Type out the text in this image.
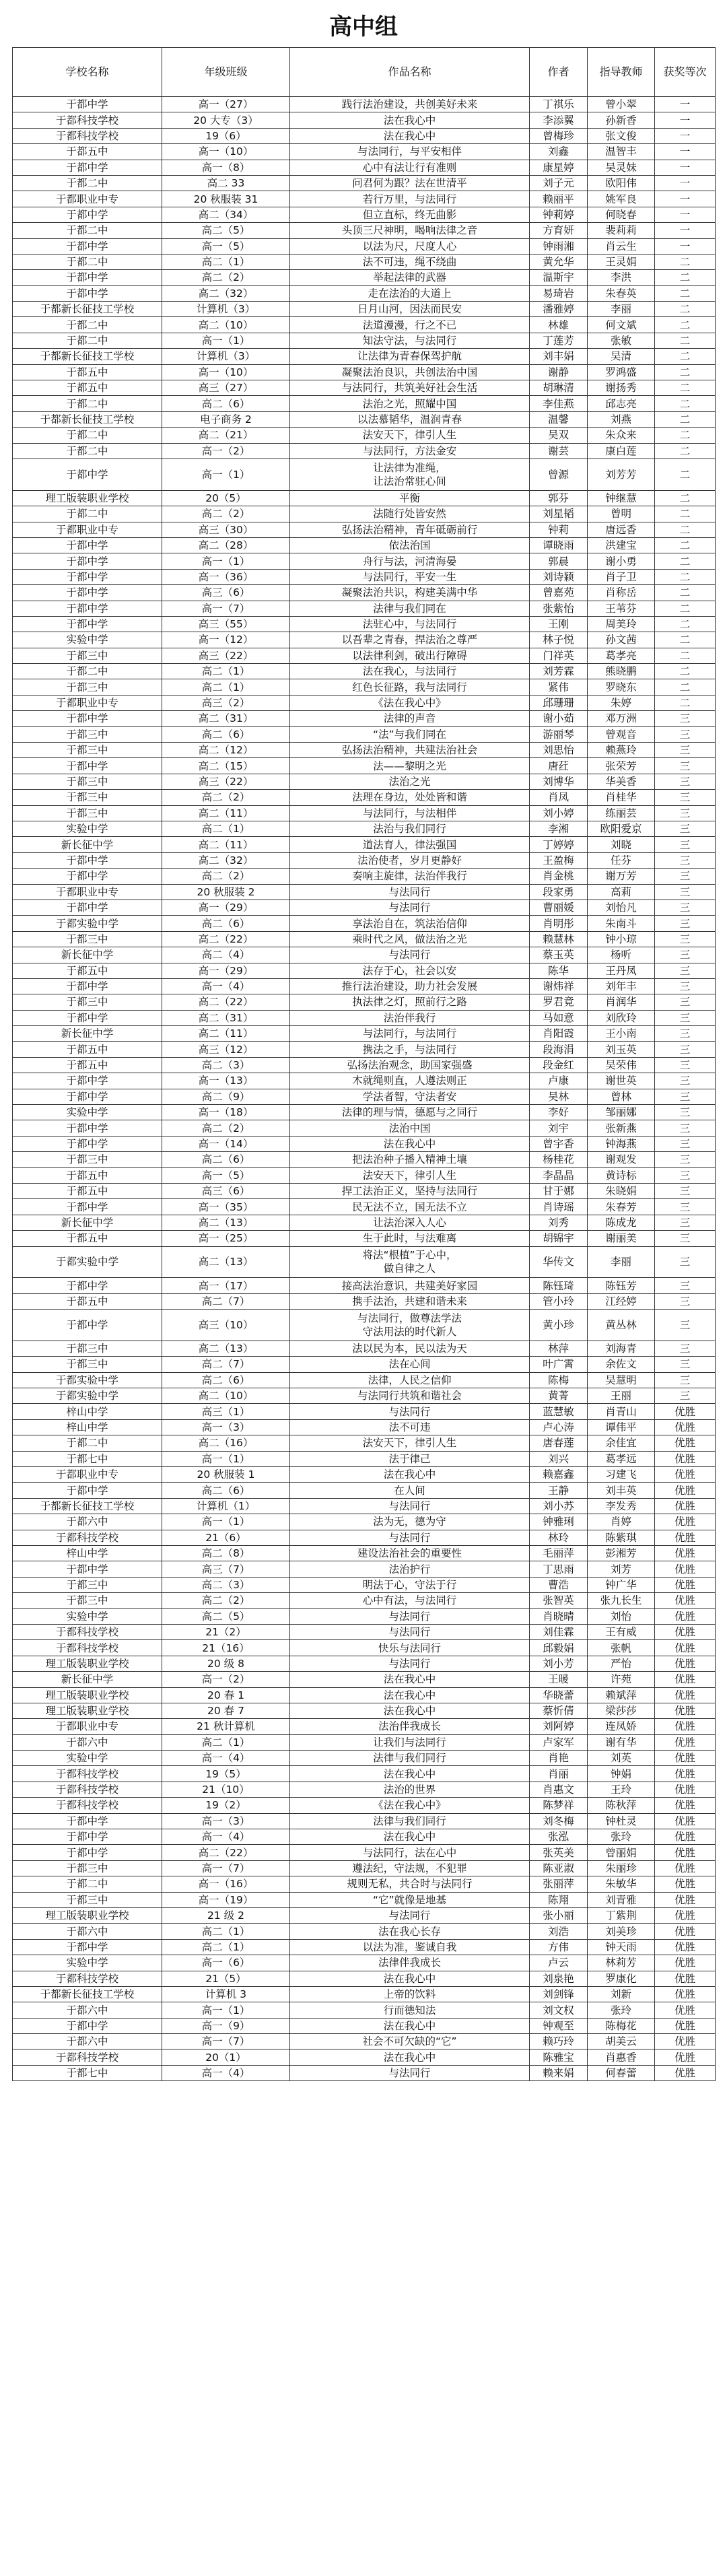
高中组
学校名称	年级班级	作品名称	作者	指导教师	获奖等次
于都中学	高一（27）	践行法治建设，共创美好未来	丁祺乐	曾小翠	一
于都科技学校	20 大专（3）	法在我心中	李添翼	孙新香	一
于都科技学校	19（6）	法在我心中	曾梅珍	张文俊	一
于都五中	高一（10）	与法同行，与平安相伴	刘鑫	温智丰	一
于都中学	高一（8）	心中有法让行有准则	康星婷	吴灵妹	一
于都二中	高二 33	问君何为跟？法在世清平	刘子元	欧阳伟	一
于都职业中专	20 秋服装 31	若行万里，与法同行	赖丽平	姚军良	一
于都中学	高二（34）	但立直标，终无曲影	钟莉婷	何晓春	一
于都二中	高二（5）	头顶三尺神明，喝响法律之音	方育妍	裴莉莉	一
于都中学	高一（5）	以法为尺，尺度人心	钟雨湘	肖云生	一
于都二中	高二（1）	法不可违，绳不绕曲	黄允华	王灵娟	二
于都中学	高二（2）	举起法律的武器	温斯宇	李洪	二
于都中学	高二（32）	走在法治的大道上	易琦岩	朱春英	二
于都新长征技工学校	计算机（3）	日月山河，因法而民安	潘雅婷	李丽	二
于都二中	高二（10）	法道漫漫，行之不已	林雄	何文斌	二
于都二中	高一（1）	知法守法，与法同行	丁莲芳	张敏	二
于都新长征技工学校	计算机（3）	让法律为青春保驾护航	刘丰娟	吴清	二
于都五中	高一（10）	凝聚法治良识，共创法治中国	谢静	罗鸿盛	二
于都五中	高三（27）	与法同行，共筑美好社会生活	胡琳清	谢扬秀	二
于都二中	高二（6）	法治之光，照耀中国	李佳燕	邱志亮	二
于都新长征技工学校	电子商务 2	以法慕韬华，温润青春	温馨	刘燕	二
于都二中	高二（21）	法安天下，律引人生	吴双	朱众来	二
于都二中	高一（2）	与法同行，方法金安	谢芸	康白莲	二
于都中学	高一（1）	让法律为准绳，
让法治常驻心间	曾源	刘芳芳	二
理工版装职业学校	20（5）	平衡	郭芬	钟继慧	二
于都二中	高二（2）	法随行处皆安然	刘星韬	曾明	二
于都职业中专	高三（30）	弘扬法治精神，青年砥砺前行	钟莉	唐远香	二
于都中学	高二（28）	依法治国	谭晓雨	洪建宝	二
于都中学	高一（1）	舟行与法，河清海晏	郭晨	谢小勇	二
于都中学	高一（36）	与法同行，平安一生	刘诗颖	肖子卫	二
于都中学	高三（6）	凝聚法治共识，构建美满中华	曾嘉苑	肖称岳	二
于都中学	高一（7）	法律与我们同在	张紫怡	王苇芬	二
于都中学	高三（55）	法驻心中，与法同行	王刚	周美玲	二
实验中学	高一（12）	以吾辈之青春，捍法治之尊严	林子悦	孙文茜	二
于都三中	高三（22）	以法律利剑，破出行障碍	门祥英	葛孝亮	二
于都二中	高二（1）	法在我心，与法同行	刘芳霖	熊晓鹏	二
于都三中	高二（1）	红色长征路，我与法同行	紧伟	罗晓东	二
于都职业中专	高三（2）	《法在我心中》	邱珊珊	朱婷	二
于都中学	高二（31）	法律的声音	谢小茹	邓万洲	三
于都三中	高二（6）	“法”与我们同在	游丽琴	曾观音	三
于都三中	高二（12）	弘扬法治精神，共建法治社会	刘思怡	赖燕玲	三
于都中学	高二（15）	法——黎明之光	唐荭	张荣芳	三
于都三中	高三（22）	法治之光	刘博华	华美香	三
于都三中	高二（2）	法理在身边，处处皆和谐	肖凤	肖桂华	三
于都三中	高二（11）	与法同行，与法相伴	刘小婷	练丽芸	三
实验中学	高二（1）	法治与我们同行	李湘	欧阳爱京	三
新长征中学	高二（11）	道法育人，律法强国	丁婷婷	刘晓	三
于都中学	高二（32）	法治使者，岁月更静好	王盈梅	任芬	三
于都中学	高二（2）	奏响主旋律，法治伴我行	肖金桃	谢万芳	三
于都职业中专	20 秋服装 2	与法同行	段家勇	高莉	三
于都中学	高一（29）	与法同行	曹丽媛	刘怡凡	三
于都实验中学	高二（6）	享法治自在，筑法治信仰	肖明彤	朱南斗	三
于都三中	高二（22）	乘时代之风，做法治之光	赖慧林	钟小琼	三
新长征中学	高二（4）	与法同行	蔡玉英	杨听	三
于都五中	高一（29）	法存于心，社会以安	陈华	王丹凤	三
于都中学	高一（4）	推行法治建设，助力社会发展	谢炜祥	刘年丰	三
于都三中	高二（22）	执法律之灯，照前行之路	罗君竟	肖润华	三
于都中学	高二（31）	法治伴我行	马如意	刘欣玲	三
新长征中学	高二（11）	与法同行，与法同行	肖阳霞	王小南	三
于都五中	高三（12）	携法之手，与法同行	段海涓	刘玉英	三
于都五中	高二（3）	弘扬法治观念，助国家强盛	段金红	吴荣伟	三
于都中学	高一（13）	木就绳则直，人遵法则正	卢康	谢世英	三
于都中学	高二（9）	学法者智，守法者安	吴林	曾林	三
实验中学	高一（18）	法律的理与情，德愿与之同行	李好	邹丽娜	三
于都中学	高二（2）	法治中国	刘宇	张新燕	三
于都中学	高一（14）	法在我心中	曾宇香	钟海燕	三
于都三中	高二（6）	把法治种子播入精神土壤	杨桂花	谢观发	三
于都五中	高一（5）	法安天下，律引人生	李晶晶	黄诗标	三
于都五中	高三（6）	捍工法治正义，坚持与法同行	甘于娜	朱晓娟	三
于都中学	高一（35）	民无法不立，国无法不立	肖诗瑶	朱春芳	三
新长征中学	高二（13）	让法治深入人心	刘秀	陈成龙	三
于都五中	高一（25）	生于此时，与法难离	胡锦宇	谢丽美	三
于都实验中学	高二（13）	将法“根植”于心中，
做自律之人	华传文	李丽	三
于都中学	高一（17）	接高法治意识，共建美好家园	陈钰琦	陈钰芳	三
于都五中	高二（7）	携手法治，共建和谐未来	管小玲	江经婷	三
于都中学	高三（10）	与法同行，做尊法学法
守法用法的时代新人	黄小珍	黄丛林	三
于都三中	高二（13）	法以民为本，民以法为天	林萍	刘海青	三
于都三中	高二（7）	法在心间	叶广霄	余佐文	三
于都实验中学	高二（6）	法律，人民之信仰	陈梅	吴慧明	三
于都实验中学	高二（10）	与法同行共筑和谐社会	黄菁	王丽	三
梓山中学	高三（1）	与法同行	蓝慧敏	肖青山	优胜
梓山中学	高一（3）	法不可违	卢心涛	谭伟平	优胜
于都二中	高二（16）	法安天下，律引人生	唐春莲	余佳宜	优胜
于都七中	高一（1）	法于律己	刘兴	葛孝远	优胜
于都职业中专	20 秋服装 1	法在我心中	赖嘉鑫	习建飞	优胜
于都中学	高二（6）	在人间	王静	刘丰英	优胜
于都新长征技工学校	计算机（1）	与法同行	刘小苏	李发秀	优胜
于都六中	高一（1）	法为无，德为守	钟雅琍	肖婷	优胜
于都科技学校	21（6）	与法同行	林玲	陈紫琪	优胜
梓山中学	高二（8）	建设法治社会的重要性	毛丽萍	彭湘芳	优胜
于都中学	高三（7）	法治护行	丁思雨	刘芳	优胜
于都三中	高二（3）	明法于心，守法于行	曹浩	钟广华	优胜
于都三中	高二（2）	心中有法，与法同行	张智英	张九长生	优胜
实验中学	高二（5）	与法同行	肖晓晴	刘怡	优胜
于都科技学校	21（2）	与法同行	刘佳霖	王有威	优胜
于都科技学校	21（16）	快乐与法同行	邱毅娟	张帆	优胜
理工版装职业学校	20 级 8	与法同行	刘小芳	严怡	优胜
新长征中学	高一（2）	法在我心中	王暖	许苑	优胜
理工版装职业学校	20 春 1	法在我心中	华晓蕾	赖斌萍	优胜
理工版装职业学校	20 春 7	法在我心中	蔡忻倩	梁莎莎	优胜
于都职业中专	21 秋计算机	法治伴我成长	刘阿婷	连凤娇	优胜
于都六中	高二（1）	让我们与法同行	卢家军	谢有华	优胜
实验中学	高一（4）	法律与我们同行	肖艳	刘英	优胜
于都科技学校	19（5）	法在我心中	肖丽	钟娟	优胜
于都科技学校	21（10）	法治的世界	肖惠文	王玲	优胜
于都科技学校	19（2）	《法在我心中》	陈梦祥	陈秋萍	优胜
于都中学	高一（3）	法律与我们同行	刘冬梅	钟杜灵	优胜
于都中学	高一（4）	法在我心中	张泓	张玲	优胜
于都中学	高二（22）	与法同行，法在心中	张英美	曾丽娟	优胜
于都三中	高一（7）	遵法纪，守法规，不犯罪	陈亚淑	朱丽珍	优胜
于都二中	高一（16）	规则无私，共合时与法同行	张丽萍	朱敏华	优胜
于都三中	高一（19）	“它”就像是地基	陈翔	刘青雅	优胜
理工版装职业学校	21 级 2	与法同行	张小丽	丁紫荆	优胜
于都六中	高二（1）	法在我心长存	刘浩	刘美珍	优胜
于都中学	高二（1）	以法为准，鉴诚自我	方伟	钟天雨	优胜
实验中学	高一（6）	法律伴我成长	卢云	林莉芳	优胜
于都科技学校	21（5）	法在我心中	刘泉艳	罗康化	优胜
于都新长征技工学校	计算机 3	上帝的饮料	刘剑锋	刘新	优胜
于都六中	高一（1）	行而德知法	刘文权	张玲	优胜
于都中学	高一（9）	法在我心中	钟观至	陈梅花	优胜
于都六中	高一（7）	社会不可欠缺的“它”	赖巧玲	胡美云	优胜
于都科技学校	20（1）	法在我心中	陈雅宝	肖惠香	优胜
于都七中	高一（4）	与法同行	赖来娟	何春蕾	优胜
